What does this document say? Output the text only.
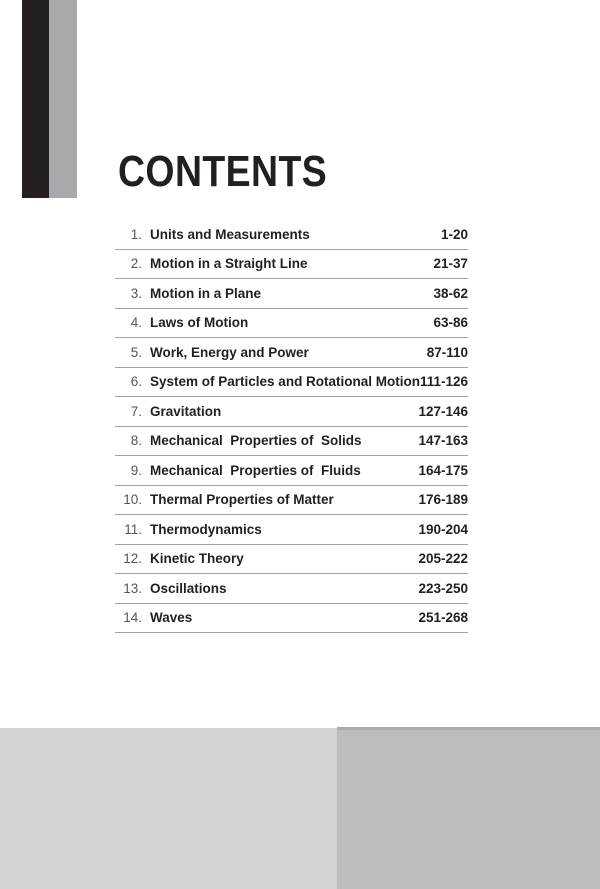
CONTENTS
1. Units and Measurements	1-20
2. Motion in a Straight Line	21-37
3. Motion in a Plane	38-62
4. Laws of Motion	63-86
5. Work, Energy and Power	87-110
6. System of Particles and Rotational Motion 111-126
7. Gravitation	127-146
8. Mechanical  Properties of  Solids	147-163
9. Mechanical  Properties of  Fluids	164-175
10. Thermal Properties of Matter	176-189
11. Thermodynamics	190-204
12. Kinetic Theory	205-222
13. Oscillations	223-250
14. Waves	251-268
